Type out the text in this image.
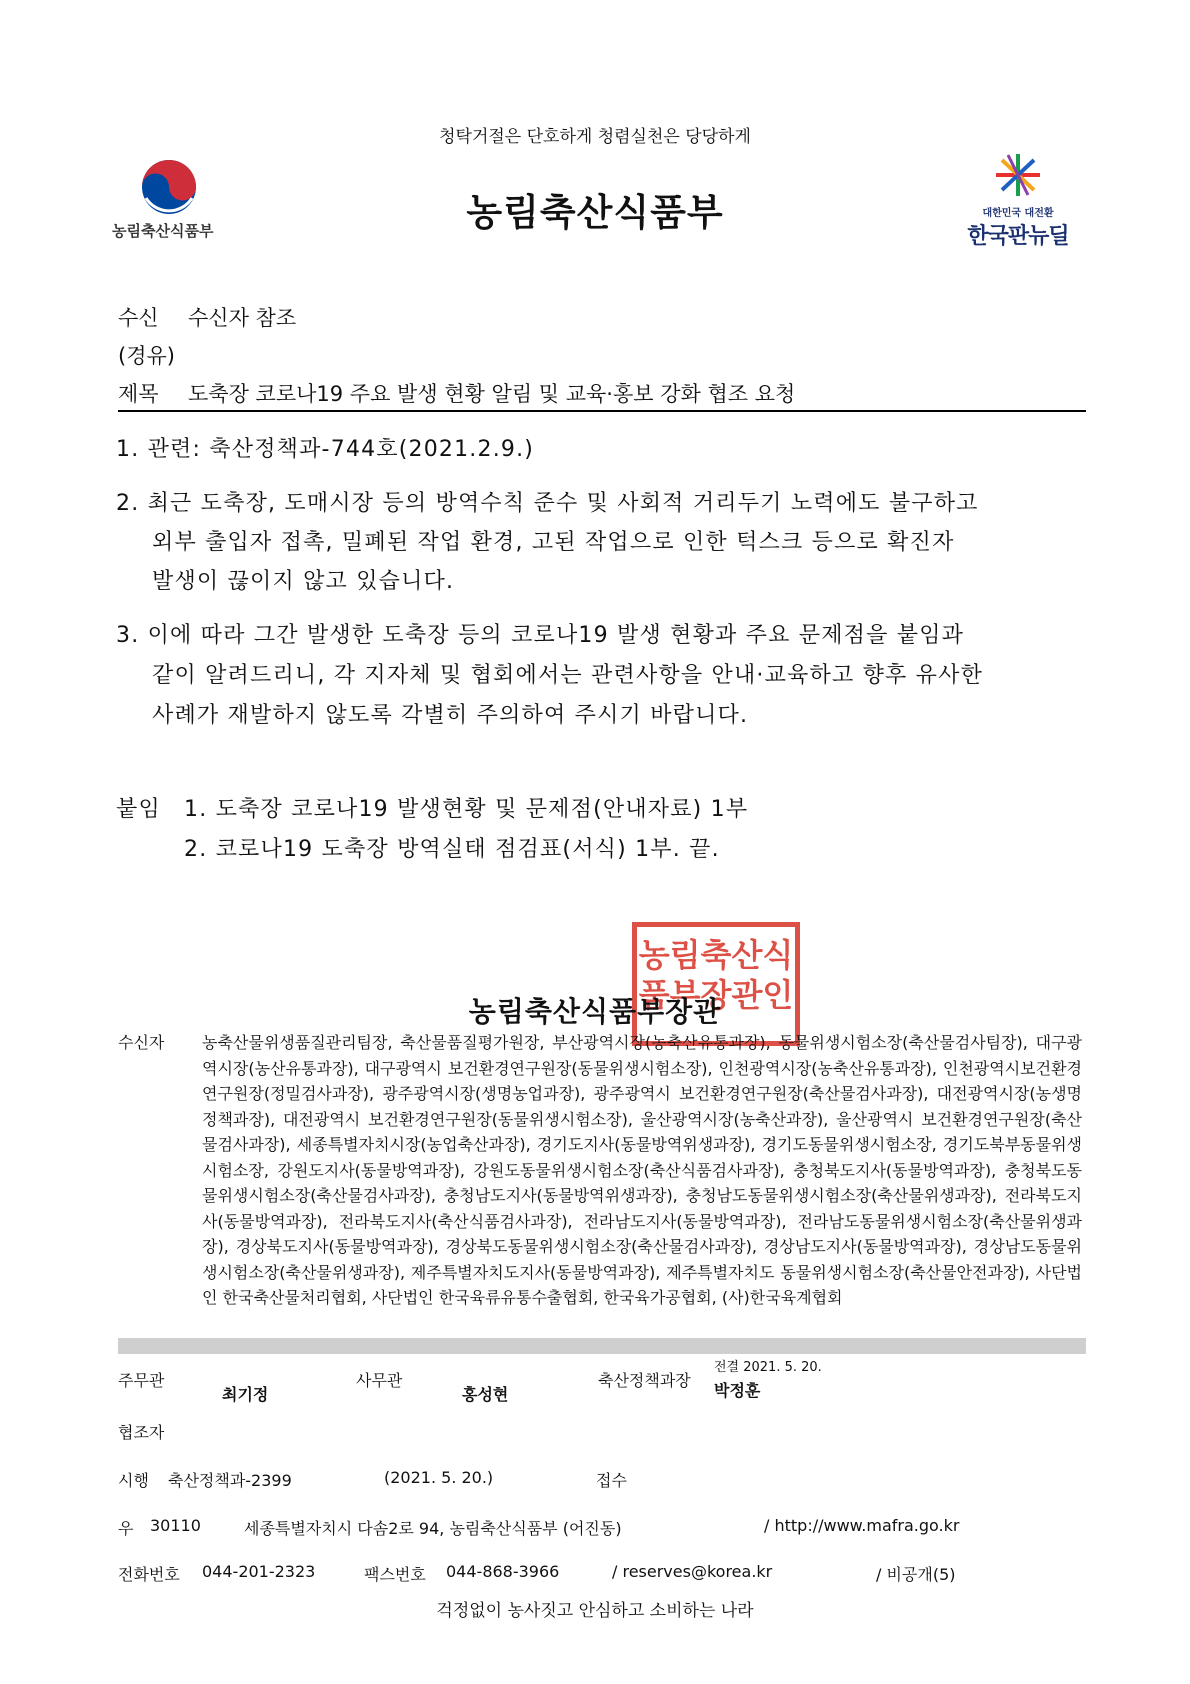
청탁거절은 단호하게 청렴실천은 당당하게
농림축산식품부	농림축산식품부	대한민국 대전환
한국판뉴딜
수신 수신자 참조
(경유)
제목 도축장 코로나19 주요 발생 현황 알림 및 교육·홍보 강화 협조 요청
1. 관련: 축산정책과-744호(2021.2.9.)
2. 최근 도축장, 도매시장 등의 방역수칙 준수 및 사회적 거리두기 노력에도 불구하고
외부 출입자 접촉, 밀폐된 작업 환경, 고된 작업으로 인한 턱스크 등으로 확진자
발생이 끊이지 않고 있습니다.
3. 이에 따라 그간 발생한 도축장 등의 코로나19 발생 현황과 주요 문제점을 붙임과
같이 알려드리니, 각 지자체 및 협회에서는 관련사항을 안내·교육하고 향후 유사한
사례가 재발하지 않도록 각별히 주의하여 주시기 바랍니다.
붙임 1. 도축장 코로나19 발생현황 및 문제점(안내자료) 1부
2. 코로나19 도축장 방역실태 점검표(서식) 1부. 끝.
농림축산식품부장관인
농림축산식품부장관
수신자 농축산물위생품질관리팀장, 축산물품질평가원장, 부산광역시장(농축산유통과장), 동물위생시험소장(축산물검사팀장), 대구광역시장(농산유통과장), 대구광역시 보건환경연구원장(동물위생시험소장), 인천광역시장(농축산유통과장), 인천광역시보건환경연구원장(정밀검사과장), 광주광역시장(생명농업과장), 광주광역시 보건환경연구원장(축산물검사과장), 대전광역시장(농생명정책과장), 대전광역시 보건환경연구원장(동물위생시험소장), 울산광역시장(농축산과장), 울산광역시 보건환경연구원장(축산물검사과장), 세종특별자치시장(농업축산과장), 경기도지사(동물방역위생과장), 경기도동물위생시험소장, 경기도북부동물위생시험소장, 강원도지사(동물방역과장), 강원도동물위생시험소장(축산식품검사과장), 충청북도지사(동물방역과장), 충청북도동물위생시험소장(축산물검사과장), 충청남도지사(동물방역위생과장), 충청남도동물위생시험소장(축산물위생과장), 전라북도지사(동물방역과장), 전라북도지사(축산식품검사과장), 전라남도지사(동물방역과장), 전라남도동물위생시험소장(축산물위생과장), 경상북도지사(동물방역과장), 경상북도동물위생시험소장(축산물검사과장), 경상남도지사(동물방역과장), 경상남도동물위생시험소장(축산물위생과장), 제주특별자치도지사(동물방역과장), 제주특별자치도 동물위생시험소장(축산물안전과장), 사단법인 한국축산물처리협회, 사단법인 한국육류유통수출협회, 한국육가공협회, (사)한국육계협회
주무관
최기정
사무관
홍성현
축산정책과장
전결 2021. 5. 20.
박정훈
협조자
시행 축산정책과-2399	(2021. 5. 20.)	접수
우 30110	세종특별자치시 다솜2로 94, 농림축산식품부 (어진동)	/ http://www.mafra.go.kr
전화번호 044-201-2323	팩스번호 044-868-3966	/ reserves@korea.kr	/ 비공개(5)
걱정없이 농사짓고 안심하고 소비하는 나라
